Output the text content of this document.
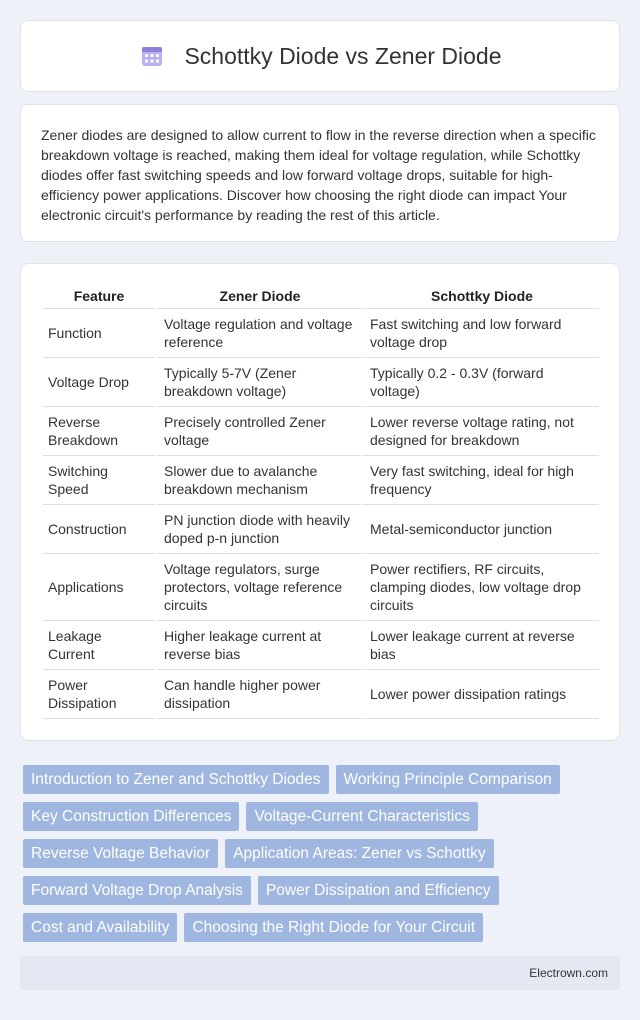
Schottky Diode vs Zener Diode

Zener diodes are designed to allow current to flow in the reverse direction when a specific breakdown voltage is reached, making them ideal for voltage regulation, while Schottky diodes offer fast switching speeds and low forward voltage drops, suitable for high-efficiency power applications. Discover how choosing the right diode can impact Your electronic circuit's performance by reading the rest of this article.

Feature	Zener Diode	Schottky Diode
Function	Voltage regulation and voltage reference	Fast switching and low forward voltage drop
Voltage Drop	Typically 5-7V (Zener breakdown voltage)	Typically 0.2 - 0.3V (forward voltage)
Reverse Breakdown	Precisely controlled Zener voltage	Lower reverse voltage rating, not designed for breakdown
Switching Speed	Slower due to avalanche breakdown mechanism	Very fast switching, ideal for high frequency
Construction	PN junction diode with heavily doped p-n junction	Metal-semiconductor junction
Applications	Voltage regulators, surge protectors, voltage reference circuits	Power rectifiers, RF circuits, clamping diodes, low voltage drop circuits
Leakage Current	Higher leakage current at reverse bias	Lower leakage current at reverse bias
Power Dissipation	Can handle higher power dissipation	Lower power dissipation ratings
Introduction to Zener and Schottky Diodes	Working Principle Comparison
Key Construction Differences	Voltage-Current Characteristics
Reverse Voltage Behavior	Application Areas: Zener vs Schottky
Forward Voltage Drop Analysis	Power Dissipation and Efficiency
Cost and Availability	Choosing the Right Diode for Your Circuit
Electrown.com
